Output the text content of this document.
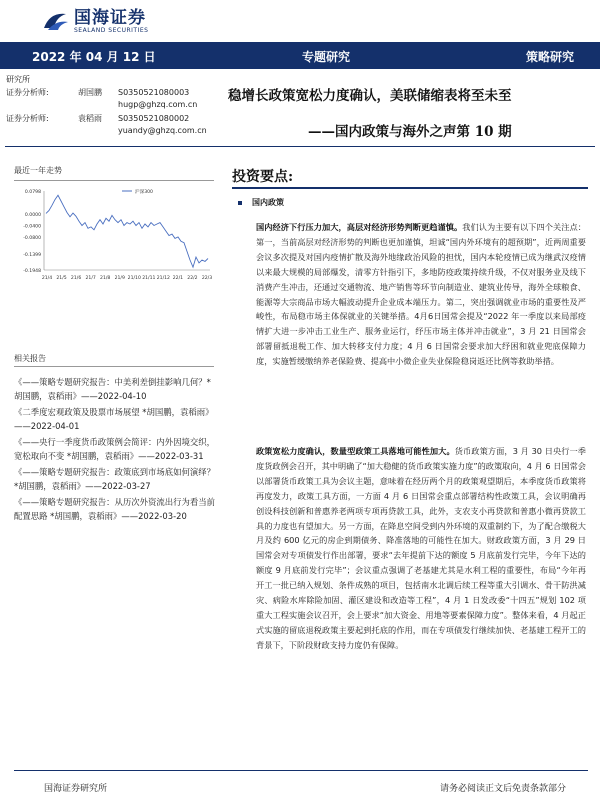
国海证券
SEALAND SECURITIES
2022 年 04 月 12 日	专题研究	策略研究
研究所
证券分析师:	胡国鹏	S0350521080003
hugp@ghzq.com.cn
证券分析师:	袁稻雨	S0350521080002
yuandy@ghzq.com.cn
稳增长政策宽松力度确认，美联储缩表将至未至
——国内政策与海外之声第 10 期
最近一年走势
0.0798
0.0000
-0.0400
-0.0800
-0.1399
-0.1948
21/4 21/5 21/6 21/7 21/8 21/9 21/10 21/11 21/12 22/1 22/2 22/3
沪深300
相关报告
《——策略专题研究报告：中美利差倒挂影响几何？*胡国鹏，袁稻雨》——2022-04-10
《二季度宏观政策及股票市场展望 *胡国鹏，袁稻雨》——2022-04-01
《——央行一季度货币政策例会简评：内外因境交织，宽松取向不变 *胡国鹏，袁稻雨》——2022-03-31
《——策略专题研究报告：政策底到市场底如何演绎？*胡国鹏，袁稻雨》——2022-03-27
《——策略专题研究报告：从历次外资流出行为看当前配置思路 *胡国鹏，袁稻雨》——2022-03-20
投资要点:
国内政策
国内经济下行压力加大，高层对经济形势判断更趋谨慎。我们认为主要有以下四个关注点：第一，当前高层对经济形势的判断也更加谨慎，坦诚“国内外环境有的超预期”，近两周重要会议多次提及对国内疫情扩散及海外地缘政治风险的担忧，国内本轮疫情已成为继武汉疫情以来最大规模的局部爆发，清零方针指引下，多地防疫政策持续升级，不仅对服务业及线下消费产生冲击，还通过交通物流、地产销售等环节向制造业、建筑业传导，海外全球粮食、能源等大宗商品市场大幅波动提升企业成本端压力。第二，突出强调就业市场的重要性及严峻性，布局稳市场主体保就业的关键举措。4月6日国常会提及“2022 年一季度以来局部疫情扩大进一步冲击工业生产、服务业运行，纾压市场主体并冲击就业”，3 月 21 日国常会部署留抵退税工作、加大转移支付力度；4 月 6 日国常会要求加大纾困和就业兜底保障力度，实施暂缓缴纳养老保险费、提高中小微企业失业保险稳岗返还比例等救助举措。
政策宽松力度确认，数量型政策工具落地可能性加大。货币政策方面，3 月 30 日央行一季度货政例会召开，其中明确了“加大稳健的货币政策实施力度”的政策取向，4 月 6 日国常会以部署货币政策工具为会议主题，意味着在经历两个月的政策观望期后，本季度货币政策将再度发力，政策工具方面，一方面 4 月 6 日国常会重点部署结构性政策工具，会议明确再创设科技创新和普惠养老两项专项再贷款工具，此外，支农支小再贷款和普惠小微再贷款工具的力度也有望加大。另一方面，在降息空间受到内外环境的双重制约下，为了配合缴税大月及约 600 亿元的房企到期债务、降准落地的可能性在加大。财政政策方面，3 月 29 日国常会对专项债发行作出部署，要求“去年提前下达的额度 5 月底前发行完毕，今年下达的额度 9 月底前发行完毕”；会议重点强调了老基建尤其是水利工程的重要性，布局“今年再开工一批已纳入规划、条件成熟的项目，包括南水北调后续工程等重大引调水、骨干防洪减灾、病险水库除险加固、灌区建设和改造等工程”，4 月 1 日发改委“十四五”规划 102 项重大工程实施会议召开，会上要求“加大资金、用地等要素保障力度”。整体来看，4 月起正式实施的留底退税政策主要起到托底的作用，而在专项债发行继续加快、老基建工程开工的背景下，下阶段财政支持力度仍有保障。
国海证券研究所	请务必阅读正文后免责条款部分
